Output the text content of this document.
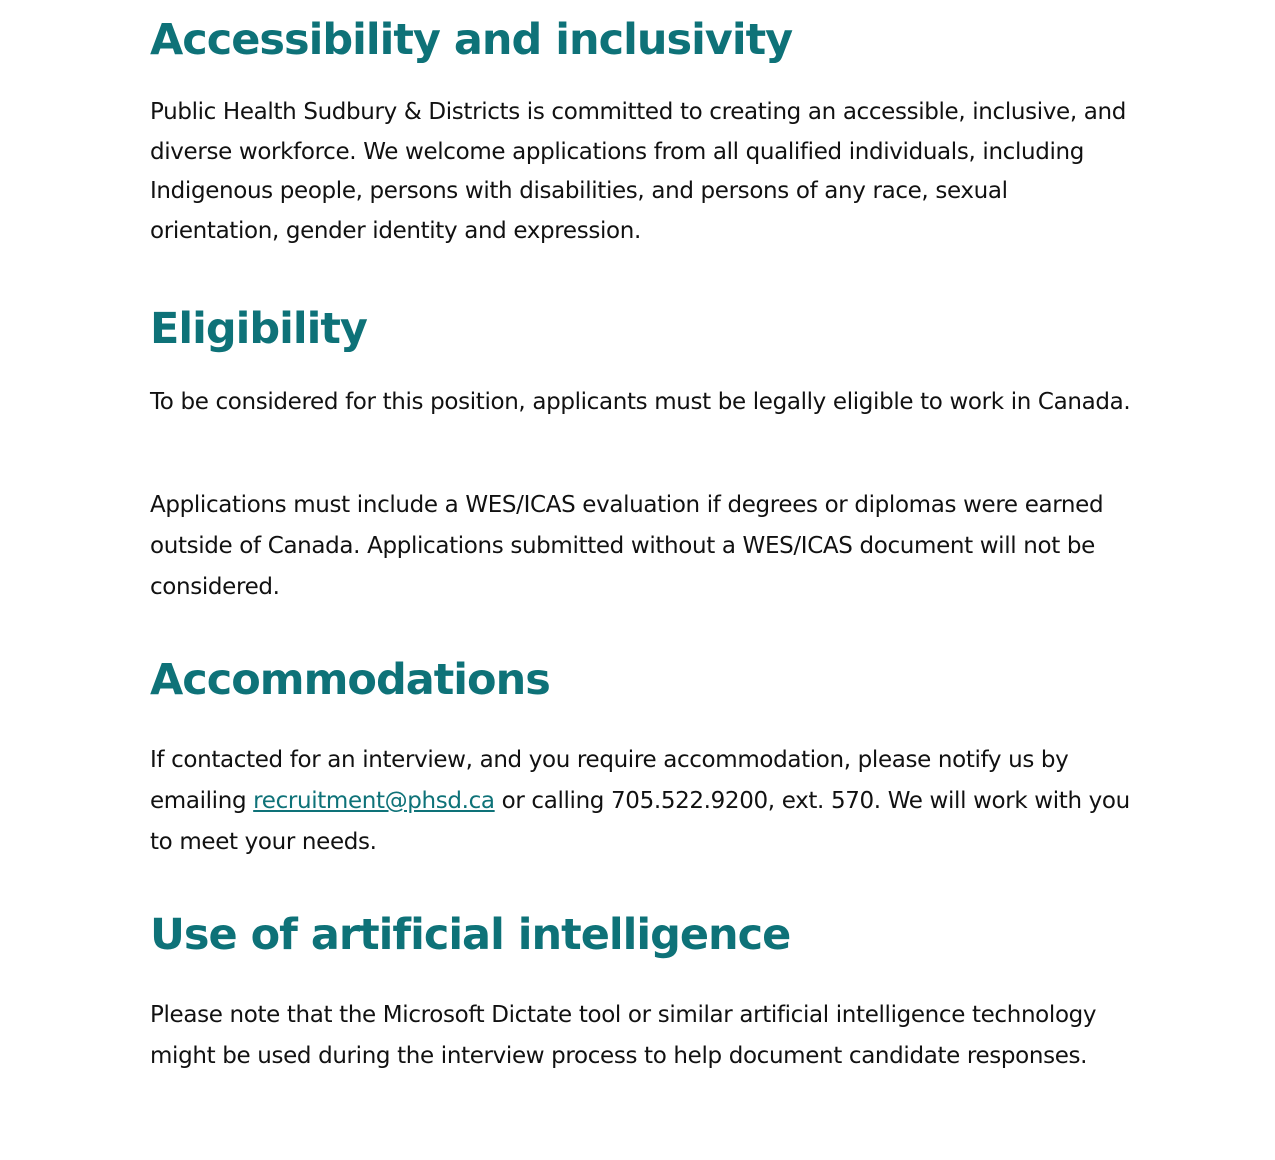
Accessibility and inclusivity

Public Health Sudbury & Districts is committed to creating an accessible, inclusive, and diverse workforce. We welcome applications from all qualified individuals, including Indigenous people, persons with disabilities, and persons of any race, sexual orientation, gender identity and expression.

Eligibility

To be considered for this position, applicants must be legally eligible to work in Canada.

Applications must include a WES/ICAS evaluation if degrees or diplomas were earned outside of Canada. Applications submitted without a WES/ICAS document will not be considered.

Accommodations

If contacted for an interview, and you require accommodation, please notify us by emailing recruitment@phsd.ca or calling 705.522.9200, ext. 570. We will work with you to meet your needs.

Use of artificial intelligence

Please note that the Microsoft Dictate tool or similar artificial intelligence technology might be used during the interview process to help document candidate responses.
